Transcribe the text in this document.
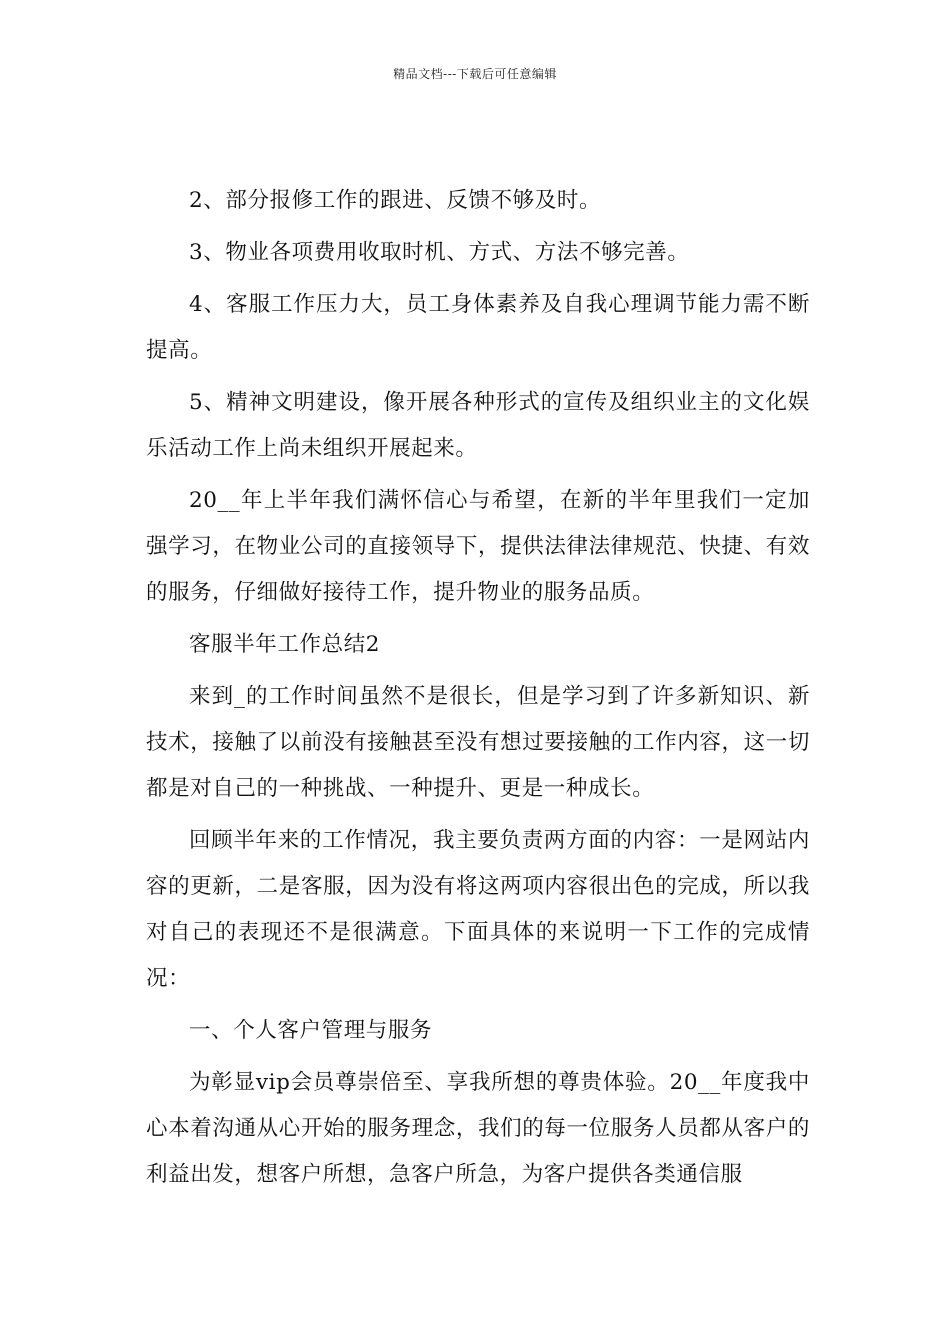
精品文档---下载后可任意编辑

2、部分报修工作的跟进、反馈不够及时。

3、物业各项费用收取时机、方式、方法不够完善。

4、客服工作压力大，员工身体素养及自我心理调节能力需不断提高。

5、精神文明建设，像开展各种形式的宣传及组织业主的文化娱乐活动工作上尚未组织开展起来。

20__年上半年我们满怀信心与希望，在新的半年里我们一定加强学习，在物业公司的直接领导下，提供法律法律规范、快捷、有效的服务，仔细做好接待工作，提升物业的服务品质。

客服半年工作总结2

来到_的工作时间虽然不是很长，但是学习到了许多新知识、新技术，接触了以前没有接触甚至没有想过要接触的工作内容，这一切都是对自己的一种挑战、一种提升、更是一种成长。

回顾半年来的工作情况，我主要负责两方面的内容：一是网站内容的更新，二是客服，因为没有将这两项内容很出色的完成，所以我对自己的表现还不是很满意。下面具体的来说明一下工作的完成情况：

一、个人客户管理与服务

为彰显vip会员尊崇倍至、享我所想的尊贵体验。20__年度我中心本着沟通从心开始的服务理念，我们的每一位服务人员都从客户的利益出发，想客户所想，急客户所急，为客户提供各类通信服
